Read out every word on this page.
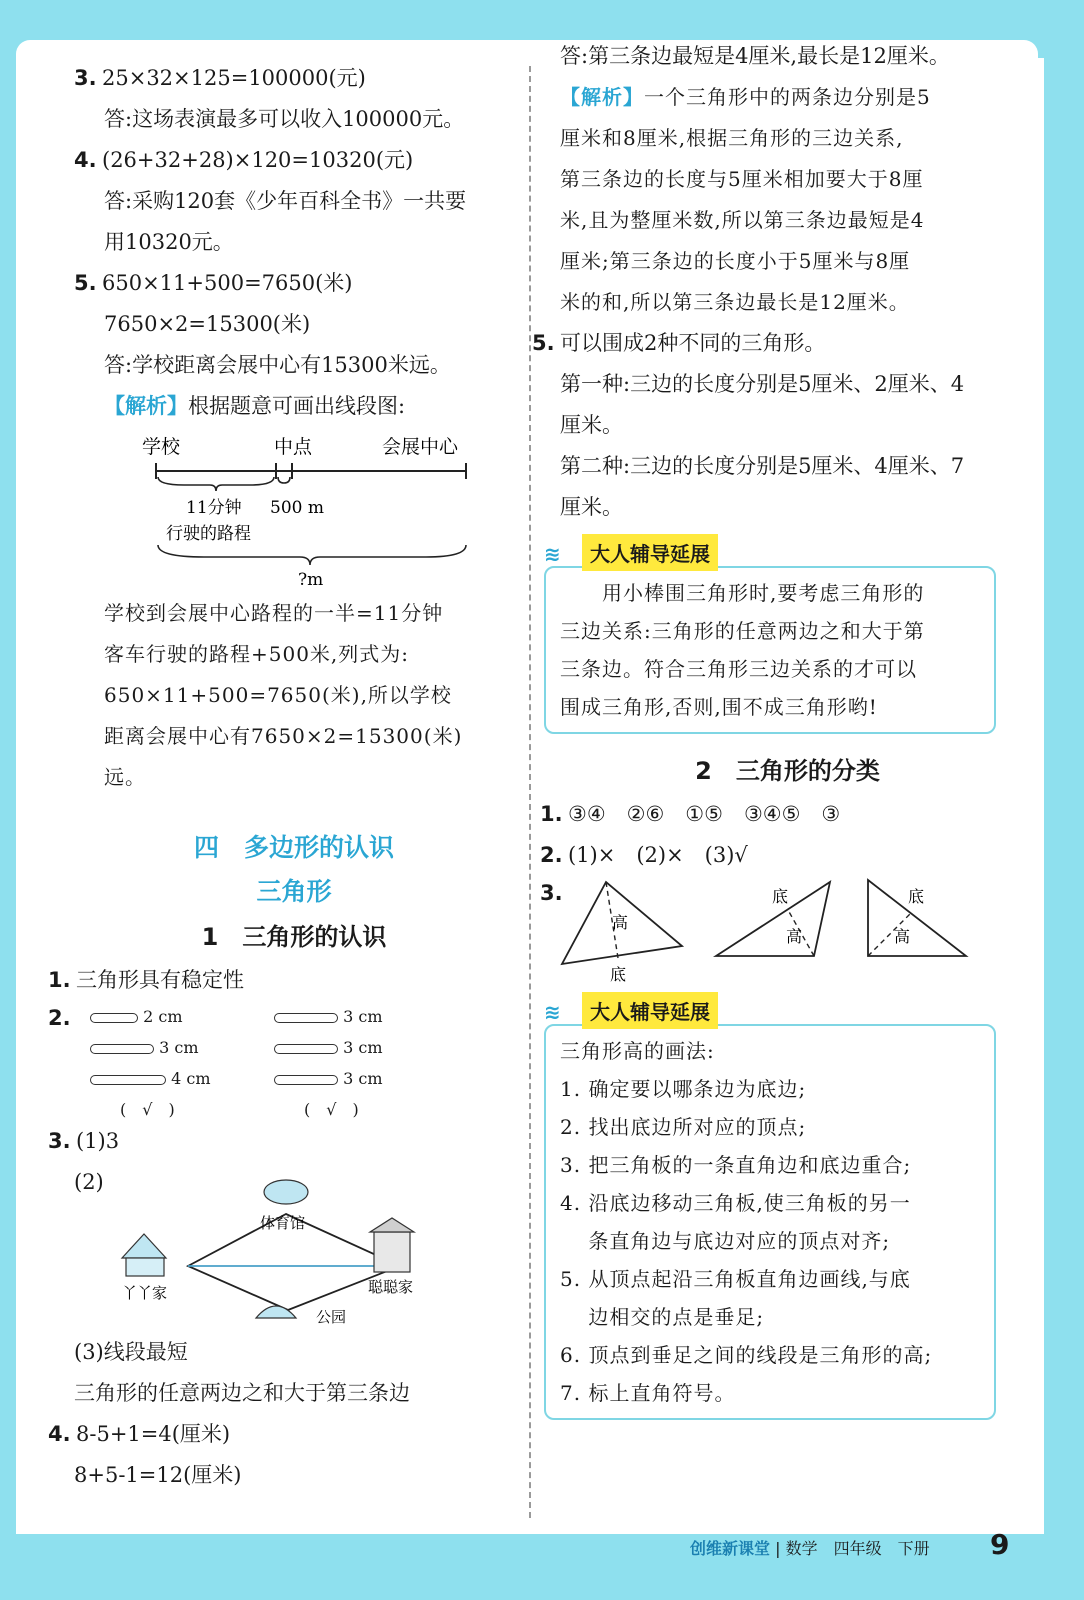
3. 25×32×125=100000(元)
答:这场表演最多可以收入100000元。
4. (26+32+28)×120=10320(元)
答:采购120套《少年百科全书》一共要
用10320元。
5. 650×11+500=7650(米)
7650×2=15300(米)
答:学校距离会展中心有15300米远。
【解析】根据题意可画出线段图:
学校	中点	会展中心
11分钟 500 m
行驶的路程
?m
学校到会展中心路程的一半=11分钟
客车行驶的路程+500米,列式为:
650×11+500=7650(米),所以学校
距离会展中心有7650×2=15300(米)
远。
四　多边形的认识
三角形
1　三角形的认识
1. 三角形具有稳定性
2.	2 cm
3 cm
4 cm
(　√　)
3 cm
3 cm
3 cm
(　√　)
3. (1)3
(2)
体育馆
丫丫家	聪聪家
公园
(3)线段最短
三角形的任意两边之和大于第三条边
4. 8-5+1=4(厘米)
8+5-1=12(厘米)
答:第三条边最短是4厘米,最长是12厘米。
【解析】一个三角形中的两条边分别是5
厘米和8厘米,根据三角形的三边关系,
第三条边的长度与5厘米相加要大于8厘
米,且为整厘米数,所以第三条边最短是4
厘米;第三条边的长度小于5厘米与8厘
米的和,所以第三条边最长是12厘米。
5. 可以围成2种不同的三角形。
第一种:三边的长度分别是5厘米、2厘米、4
厘米。
第二种:三边的长度分别是5厘米、4厘米、7
厘米。
≋	大人辅导延展
　　用小棒围三角形时,要考虑三角形的
三边关系:三角形的任意两边之和大于第
三条边。符合三角形三边关系的才可以
围成三角形,否则,围不成三角形哟!
2　三角形的分类
1. ③④　②⑥　①⑤　③④⑤　③
2. (1)×　(2)×　(3)√
3.
高
底
底
高
底
高
≋	大人辅导延展
三角形高的画法:
1. 确定要以哪条边为底边;
2. 找出底边所对应的顶点;
3. 把三角板的一条直角边和底边重合;
4. 沿底边移动三角板,使三角板的另一
　 条直角边与底边对应的顶点对齐;
5. 从顶点起沿三角板直角边画线,与底
　 边相交的点是垂足;
6. 顶点到垂足之间的线段是三角形的高;
7. 标上直角符号。
创维新课堂 | 数学　 四年级　 下册 9
